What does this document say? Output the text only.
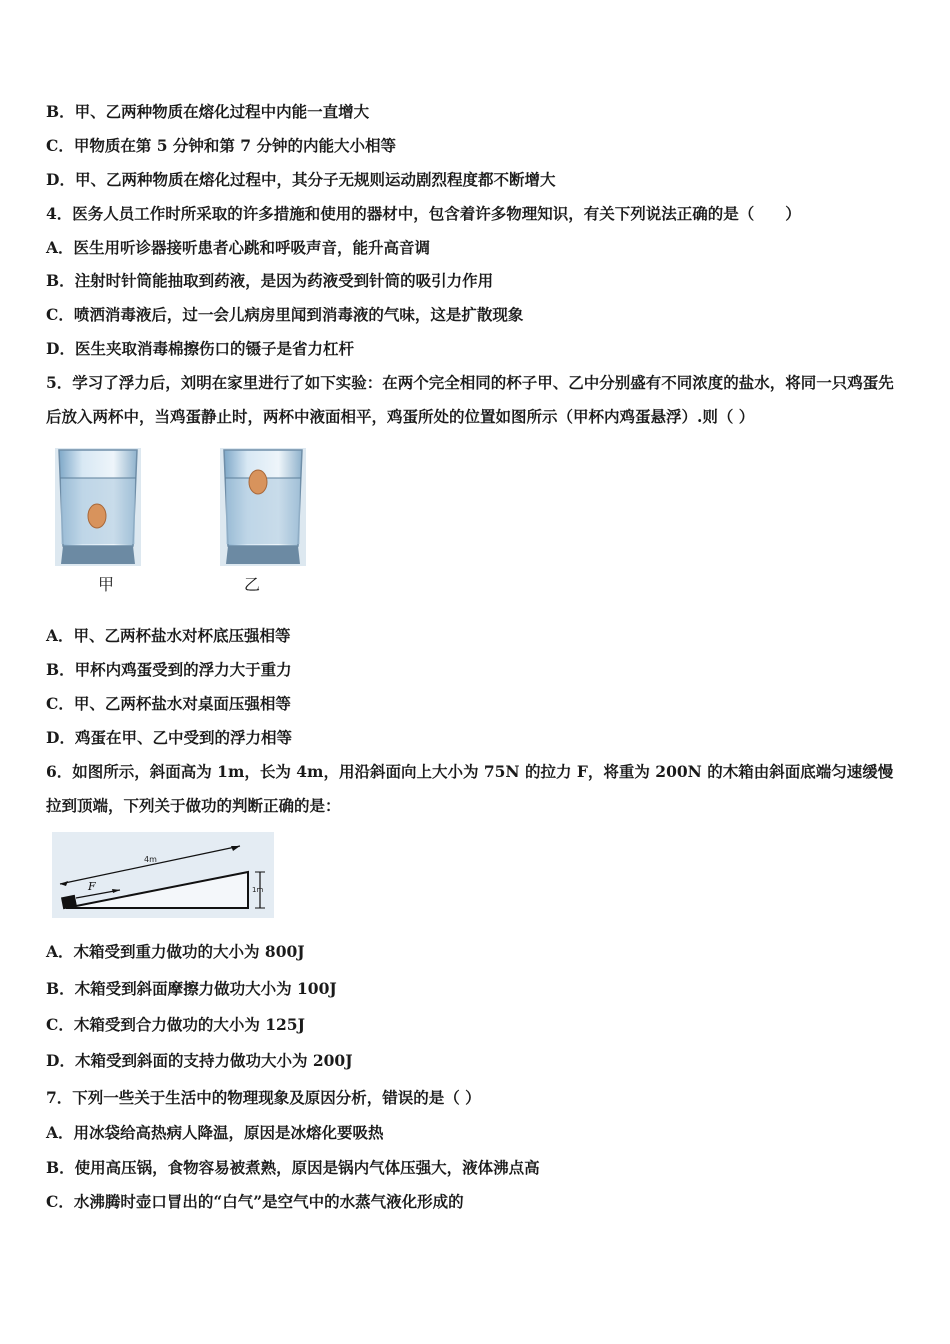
B．甲、乙两种物质在熔化过程中内能一直增大
C．甲物质在第 5 分钟和第 7 分钟的内能大小相等
D．甲、乙两种物质在熔化过程中，其分子无规则运动剧烈程度都不断增大
4．医务人员工作时所采取的许多措施和使用的器材中，包含着许多物理知识，有关下列说法正确的是（　　）
A．医生用听诊器接听患者心跳和呼吸声音，能升高音调
B．注射时针筒能抽取到药液，是因为药液受到针筒的吸引力作用
C．喷洒消毒液后，过一会儿病房里闻到消毒液的气味，这是扩散现象
D．医生夹取消毒棉擦伤口的镊子是省力杠杆
5．学习了浮力后，刘明在家里进行了如下实验：在两个完全相同的杯子甲、乙中分别盛有不同浓度的盐水，将同一只鸡蛋先后放入两杯中，当鸡蛋静止时，两杯中液面相平，鸡蛋所处的位置如图所示（甲杯内鸡蛋悬浮）.则（ ）
甲	乙
A．甲、乙两杯盐水对杯底压强相等
B．甲杯内鸡蛋受到的浮力大于重力
C．甲、乙两杯盐水对桌面压强相等
D．鸡蛋在甲、乙中受到的浮力相等
6．如图所示，斜面高为 1m，长为 4m，用沿斜面向上大小为 75N 的拉力 F，将重为 200N 的木箱由斜面底端匀速缓慢拉到顶端，下列关于做功的判断正确的是：
4m
F	1m
A．木箱受到重力做功的大小为 800J
B．木箱受到斜面摩擦力做功大小为 100J
C．木箱受到合力做功的大小为 125J
D．木箱受到斜面的支持力做功大小为 200J
7．下列一些关于生活中的物理现象及原因分析，错误的是（ ）
A．用冰袋给高热病人降温，原因是冰熔化要吸热
B．使用高压锅，食物容易被煮熟，原因是锅内气体压强大，液体沸点高
C．水沸腾时壶口冒出的“白气”是空气中的水蒸气液化形成的
